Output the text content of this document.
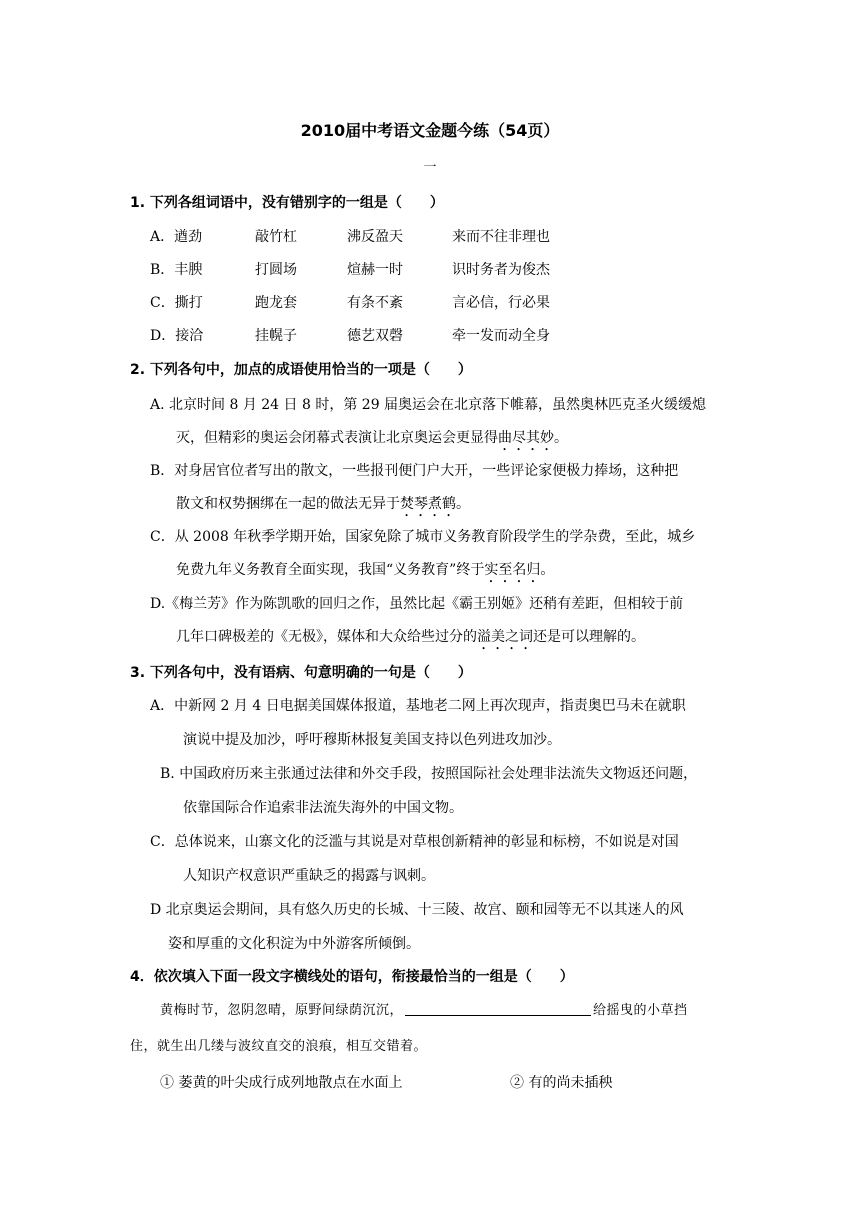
2010届中考语文金题今练（54页）
一
1. 下列各组词语中，没有错别字的一组是（　　）
A．遒劲	敲竹杠	沸反盈天	来而不往非理也
B．丰腴	打圆场	煊赫一时	识时务者为俊杰
C．撕打	跑龙套	有条不紊	言必信，行必果
D．接洽	挂幌子	德艺双磬	牵一发而动全身
2. 下列各句中，加点的成语使用恰当的一项是（　　）
A. 北京时间 8 月 24 日 8 时，第 29 届奥运会在北京落下帷幕，虽然奥林匹克圣火缓缓熄
灭，但精彩的奥运会闭幕式表演让北京奥运会更显得曲尽其妙。
B．对身居官位者写出的散文，一些报刊便门户大开，一些评论家便极力捧场，这种把
散文和权势捆绑在一起的做法无异于焚琴煮鹤。
C．从 2008 年秋季学期开始，国家免除了城市义务教育阶段学生的学杂费，至此，城乡
免费九年义务教育全面实现，我国“义务教育”终于实至名归。
D.《梅兰芳》作为陈凯歌的回归之作，虽然比起《霸王别姬》还稍有差距，但相较于前
几年口碑极差的《无极》，媒体和大众给些过分的溢美之词还是可以理解的。
3. 下列各句中，没有语病、句意明确的一句是（　　）
A．中新网 2 月 4 日电据美国媒体报道，基地老二网上再次现声，指责奥巴马未在就职
演说中提及加沙，呼吁穆斯林报复美国支持以色列进攻加沙。
B. 中国政府历来主张通过法律和外交手段，按照国际社会处理非法流失文物返还问题，
依靠国际合作追索非法流失海外的中国文物。
C．总体说来，山寨文化的泛滥与其说是对草根创新精神的彰显和标榜，不如说是对国
人知识产权意识严重缺乏的揭露与讽刺。
D 北京奥运会期间，具有悠久历史的长城、十三陵、故宫、颐和园等无不以其迷人的风
姿和厚重的文化积淀为中外游客所倾倒。
4．依次填入下面一段文字横线处的语句，衔接最恰当的一组是（　　）
黄梅时节，忽阴忽晴，原野间绿荫沉沉，	给摇曳的小草挡
住，就生出几缕与波纹直交的浪痕，相互交错着。
① 萎黄的叶尖成行成列地散点在水面上	② 有的尚未插秧
